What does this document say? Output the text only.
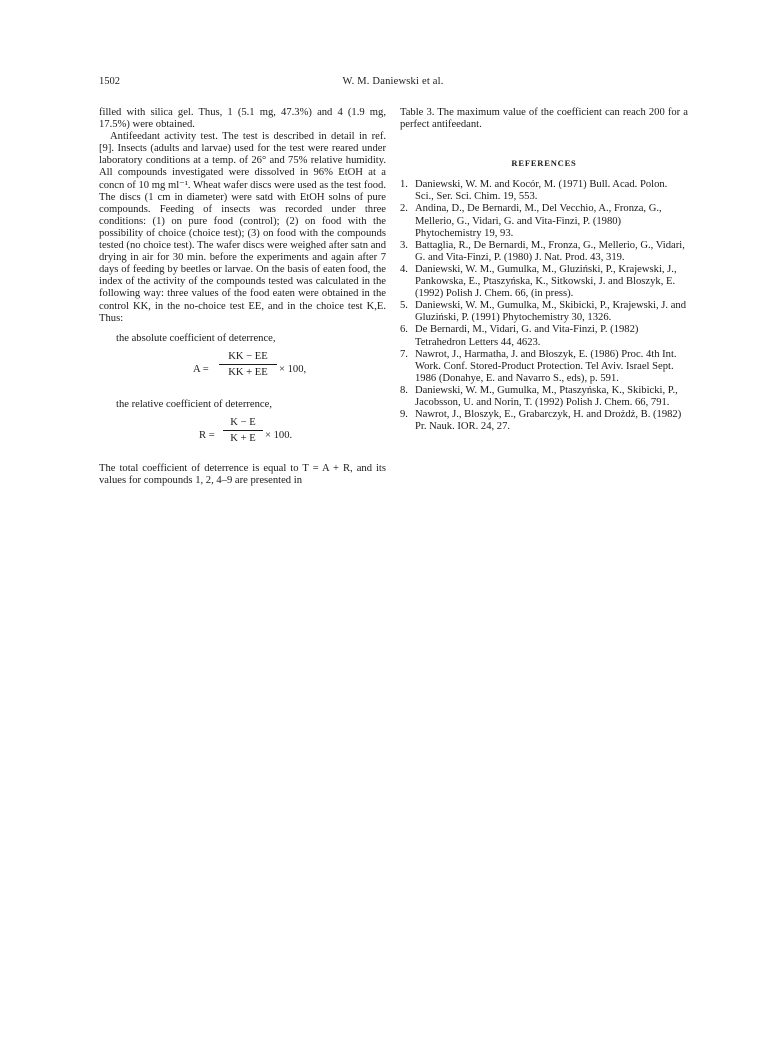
1502	W. M. Daniewski et al.

filled with silica gel. Thus, 1 (5.1 mg, 47.3%) and 4 (1.9 mg, 17.5%) were obtained.

Antifeedant activity test. The test is described in detail in ref. [9]. Insects (adults and larvae) used for the test were reared under laboratory conditions at a temp. of 26° and 75% relative humidity. All compounds investigated were dissolved in 96% EtOH at a concn of 10 mg ml⁻¹. Wheat wafer discs were used as the test food. The discs (1 cm in diameter) were satd with EtOH solns of pure compounds. Feeding of insects was recorded under three conditions: (1) on pure food (control); (2) on food with the possibility of choice (choice test); (3) on food with the compounds tested (no choice test). The wafer discs were weighed after satn and drying in air for 30 min. before the experiments and again after 7 days of feeding by beetles or larvae. On the basis of eaten food, the index of the activity of the compounds tested was calculated in the following way: three values of the food eaten were obtained in the control KK, in the no-choice test EE, and in the choice test K,E. Thus:

the absolute coefficient of deterrence,

$A = \frac{KK - EE}{KK + EE} \times 100$,

the relative coefficient of deterrence,

$R = \frac{K - E}{K + E} \times 100$.

The total coefficient of deterrence is equal to T = A + R, and its values for compounds 1, 2, 4–9 are presented in

Table 3. The maximum value of the coefficient can reach 200 for a perfect antifeedant.

REFERENCES
1. Daniewski, W. M. and Kocór, M. (1971) Bull. Acad. Polon. Sci., Ser. Sci. Chim. 19, 553.
2. Andina, D., De Bernardi, M., Del Vecchio, A., Fronza, G., Mellerio, G., Vidari, G. and Vita-Finzi, P. (1980) Phytochemistry 19, 93.
3. Battaglia, R., De Bernardi, M., Fronza, G., Mellerio, G., Vidari, G. and Vita-Finzi, P. (1980) J. Nat. Prod. 43, 319.
4. Daniewski, W. M., Gumulka, M., Gluziński, P., Krajewski, J., Pankowska, E., Ptaszyńska, K., Sitkowski, J. and Bloszyk, E. (1992) Polish J. Chem. 66, (in press).
5. Daniewski, W. M., Gumulka, M., Skibicki, P., Krajewski, J. and Gluziński, P. (1991) Phytochemistry 30, 1326.
6. De Bernardi, M., Vidari, G. and Vita-Finzi, P. (1982) Tetrahedron Letters 44, 4623.
7. Nawrot, J., Harmatha, J. and Błoszyk, E. (1986) Proc. 4th Int. Work. Conf. Stored-Product Protection. Tel Aviv. Israel Sept. 1986 (Donahye, E. and Navarro S., eds), p. 591.
8. Daniewski, W. M., Gumulka, M., Ptaszyńska, K., Skibicki, P., Jacobsson, U. and Norin, T. (1992) Polish J. Chem. 66, 791.
9. Nawrot, J., Bloszyk, E., Grabarczyk, H. and Drożdż, B. (1982) Pr. Nauk. IOR. 24, 27.
